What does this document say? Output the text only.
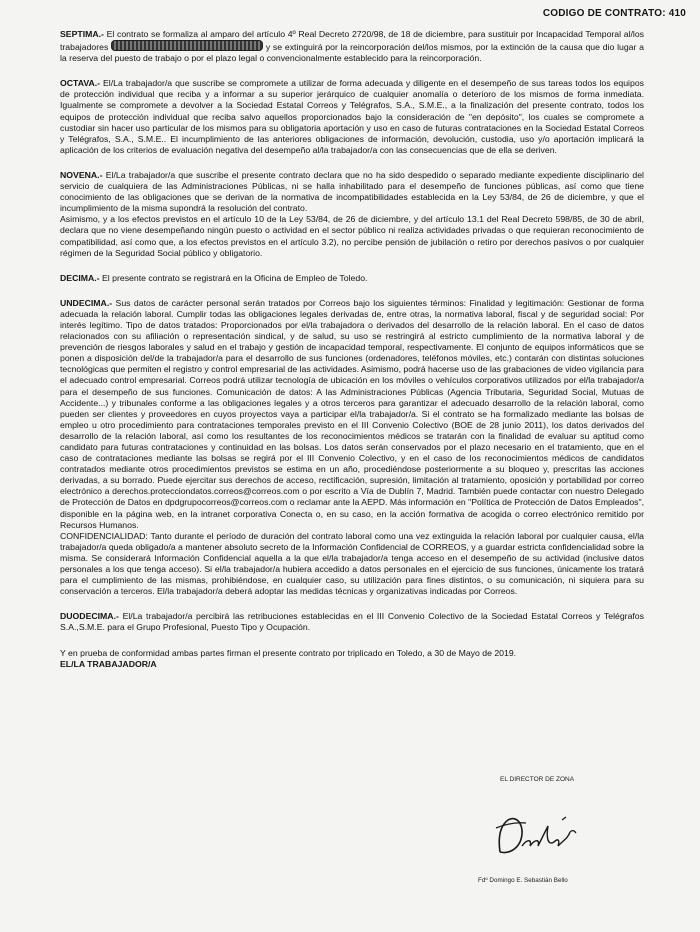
CODIGO DE CONTRATO: 410

SEPTIMA.- El contrato se formaliza al amparo del artículo 4º Real Decreto 2720/98, de 18 de diciembre, para sustituir por Incapacidad Temporal al/los trabajadores	y se extinguirá por la reincorporación del/los mismos, por la extinción de la causa que dio lugar a la reserva del puesto de trabajo o por el plazo legal o convencionalmente establecido para la reincorporación.

OCTAVA.- El/La trabajador/a que suscribe se compromete a utilizar de forma adecuada y diligente en el desempeño de sus tareas todos los equipos de protección individual que reciba y a informar a su superior jerárquico de cualquier anomalía o deterioro de los mismos de forma inmediata. Igualmente se compromete a devolver a la Sociedad Estatal Correos y Telégrafos, S.A., S.M.E., a la finalización del presente contrato, todos los equipos de protección individual que reciba salvo aquellos proporcionados bajo la consideración de "en depósito", los cuales se compromete a custodiar sin hacer uso particular de los mismos para su obligatoria aportación y uso en caso de futuras contrataciones en la Sociedad Estatal Correos y Telégrafos, S.A., S.M.E.. El incumplimiento de las anteriores obligaciones de información, devolución, custodia, uso y/o aportación implicará la aplicación de los criterios de evaluación negativa del desempeño al/la trabajador/a con las consecuencias que de ella se deriven.

NOVENA.- El/La trabajador/a que suscribe el presente contrato declara que no ha sido despedido o separado mediante expediente disciplinario del servicio de cualquiera de las Administraciones Públicas, ni se halla inhabilitado para el desempeño de funciones públicas, así como que tiene conocimiento de las obligaciones que se derivan de la normativa de incompatibilidades establecida en la Ley 53/84, de 26 de diciembre, y que el incumplimiento de la misma supondrá la resolución del contrato.

Asimismo, y a los efectos previstos en el artículo 10 de la Ley 53/84, de 26 de diciembre, y del artículo 13.1 del Real Decreto 598/85, de 30 de abril, declara que no viene desempeñando ningún puesto o actividad en el sector público ni realiza actividades privadas o que requieran reconocimiento de compatibilidad, así como que, a los efectos previstos en el artículo 3.2), no percibe pensión de jubilación o retiro por derechos pasivos o por cualquier régimen de la Seguridad Social público y obligatorio.

DECIMA.- El presente contrato se registrará en la Oficina de Empleo de Toledo.

UNDECIMA.- Sus datos de carácter personal serán tratados por Correos bajo los siguientes términos: Finalidad y legitimación: Gestionar de forma adecuada la relación laboral. Cumplir todas las obligaciones legales derivadas de, entre otras, la normativa laboral, fiscal y de seguridad social: Por interés legítimo. Tipo de datos tratados: Proporcionados por el/la trabajadora o derivados del desarrollo de la relación laboral. En el caso de datos relacionados con su afiliación o representación sindical, y de salud, su uso se restringirá al estricto cumplimiento de la normativa laboral y de prevención de riesgos laborales y salud en el trabajo y gestión de incapacidad temporal, respectivamente. El conjunto de equipos informáticos que se ponen a disposición del/de la trabajador/a para el desarrollo de sus funciones (ordenadores, teléfonos móviles, etc.) contarán con distintas soluciones tecnológicas que permiten el registro y control empresarial de las actividades. Asimismo, podrá hacerse uso de las grabaciones de video vigilancia para el adecuado control empresarial. Correos podrá utilizar tecnología de ubicación en los móviles o vehículos corporativos utilizados por el/la trabajador/a para el desempeño de sus funciones. Comunicación de datos: A las Administraciones Públicas (Agencia Tributaria, Seguridad Social, Mutuas de Accidente...) y tribunales conforme a las obligaciones legales y a otros terceros para garantizar el adecuado desarrollo de la relación laboral, como pueden ser clientes y proveedores en cuyos proyectos vaya a participar el/la trabajador/a. Si el contrato se ha formalizado mediante las bolsas de empleo u otro procedimiento para contrataciones temporales previsto en el III Convenio Colectivo (BOE de 28 junio 2011), los datos derivados del desarrollo de la relación laboral, así como los resultantes de los reconocimientos médicos se tratarán con la finalidad de evaluar su aptitud como candidato para futuras contrataciones y continuidad en las bolsas. Los datos serán conservados por el plazo necesario en el tratamiento, que en el caso de contrataciones mediante las bolsas se regirá por el III Convenio Colectivo, y en el caso de los reconocimientos médicos de candidatos contratados mediante otros procedimientos previstos se estima en un año, procediéndose posteriormente a su bloqueo y, prescritas las acciones derivadas, a su borrado. Puede ejercitar sus derechos de acceso, rectificación, supresión, limitación al tratamiento, oposición y portabilidad por correo electrónico a derechos.protecciondatos.correos@correos.com o por escrito a Vía de Dublín 7, Madrid. También puede contactar con nuestro Delegado de Protección de Datos en dpdgrupocorreos@correos.com o reclamar ante la AEPD. Más información en "Política de Protección de Datos Empleados", disponible en la página web, en la intranet corporativa Conecta o, en su caso, en la acción formativa de acogida o correo electrónico remitido por Recursos Humanos.

CONFIDENCIALIDAD: Tanto durante el período de duración del contrato laboral como una vez extinguida la relación laboral por cualquier causa, el/la trabajador/a queda obligado/a a mantener absoluto secreto de la Información Confidencial de CORREOS, y a guardar estricta confidencialidad sobre la misma. Se considerará Información Confidencial aquella a la que el/la trabajador/a tenga acceso en el desempeño de su actividad (inclusive datos personales a los que tenga acceso). Si el/la trabajador/a hubiera accedido a datos personales en el ejercicio de sus funciones, únicamente los tratará para el cumplimiento de las mismas, prohibiéndose, en cualquier caso, su utilización para fines distintos, o su comunicación, ni siquiera para su conservación a terceros. El/la trabajador/a deberá adoptar las medidas técnicas y organizativas indicadas por Correos.

DUODECIMA.- El/La trabajador/a percibirá las retribuciones establecidas en el III Convenio Colectivo de la Sociedad Estatal Correos y Telégrafos S.A.,S.M.E. para el Grupo Profesional, Puesto Tipo y Ocupación.

Y en prueba de conformidad ambas partes firman el presente contrato por triplicado en Toledo, a 30 de Mayo de 2019.

EL/LA TRABAJADOR/A

EL DIRECTOR DE ZONA
Fdº Domingo E. Sebastián Bello
